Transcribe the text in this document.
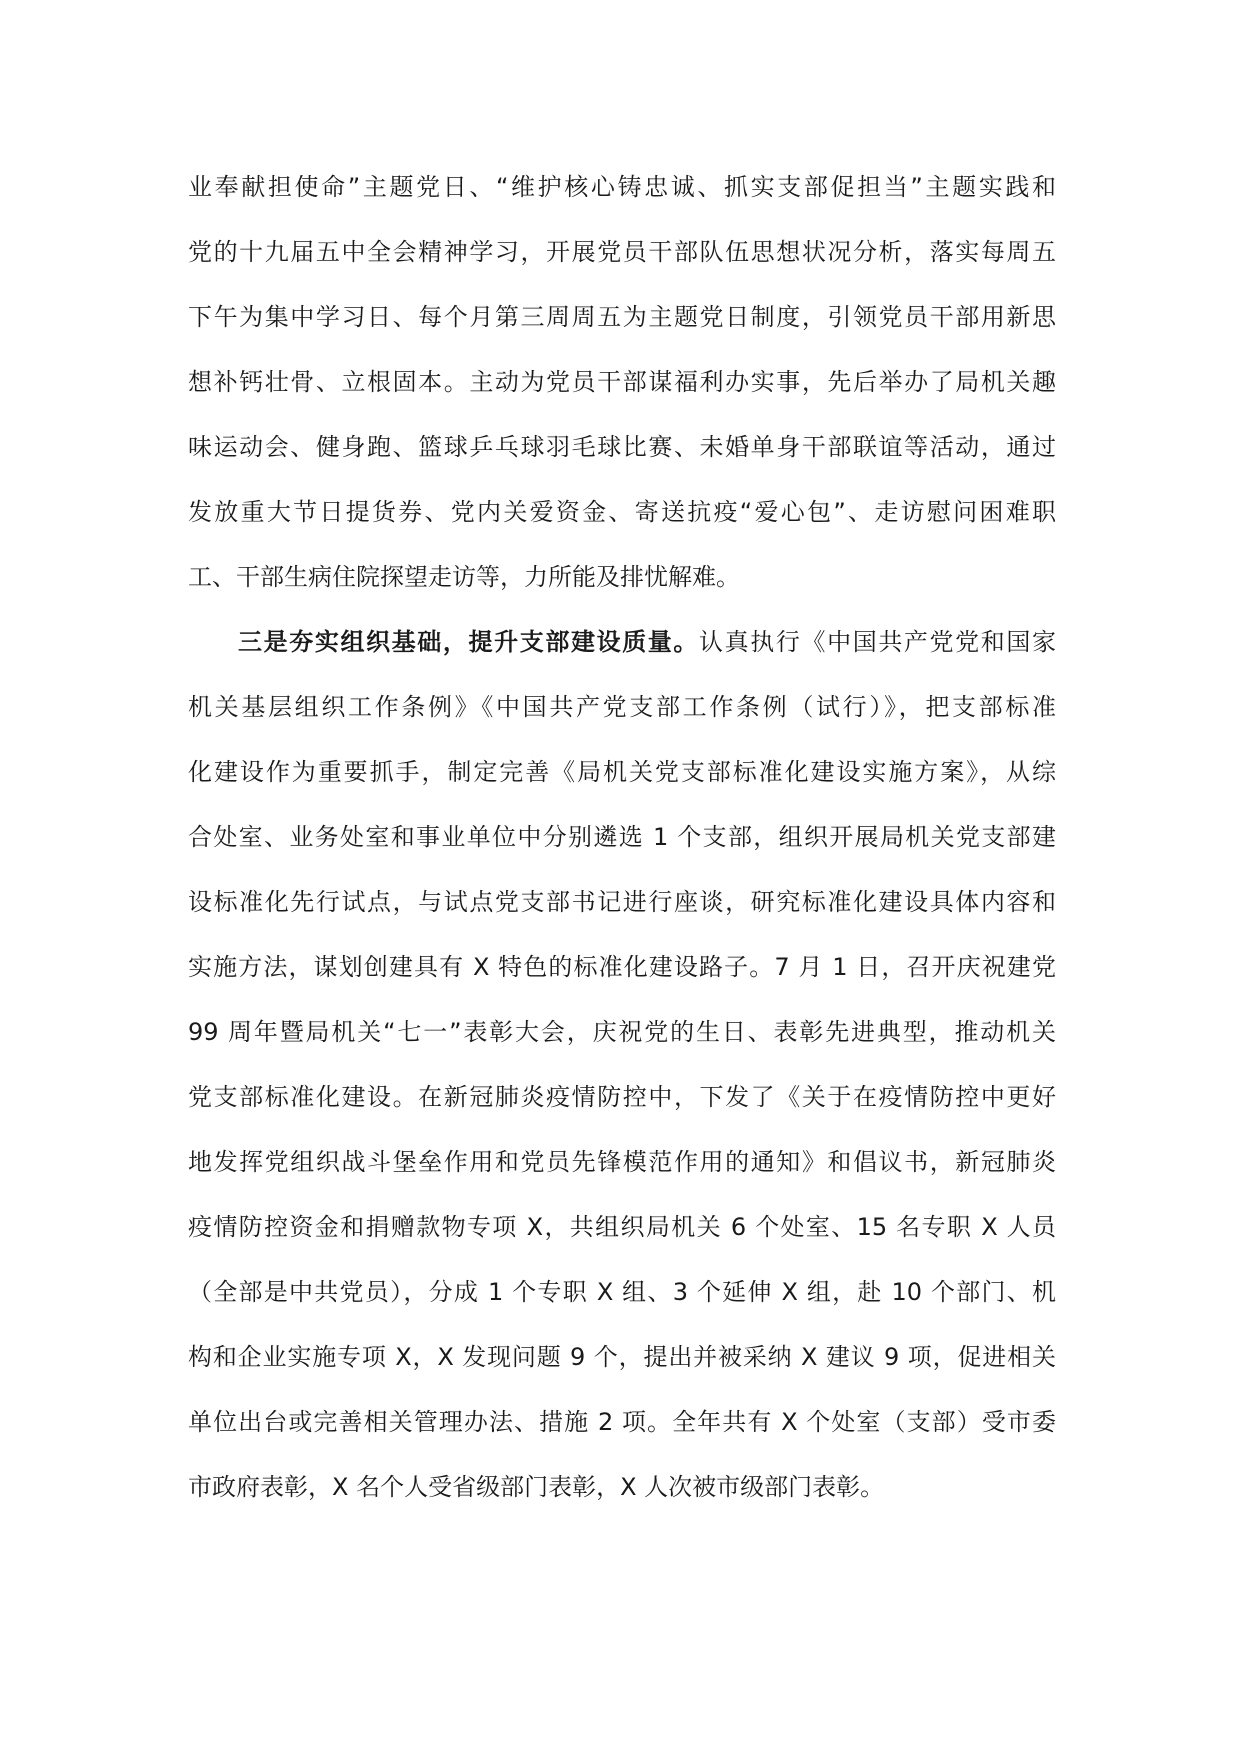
业奉献担使命”主题党日、“维护核心铸忠诚、抓实支部促担当”主题实践和
党的十九届五中全会精神学习，开展党员干部队伍思想状况分析，落实每周五
下午为集中学习日、每个月第三周周五为主题党日制度，引领党员干部用新思
想补钙壮骨、立根固本。主动为党员干部谋福利办实事，先后举办了局机关趣
味运动会、健身跑、篮球乒乓球羽毛球比赛、未婚单身干部联谊等活动，通过
发放重大节日提货券、党内关爱资金、寄送抗疫“爱心包”、走访慰问困难职
工、干部生病住院探望走访等，力所能及排忧解难。
三是夯实组织基础，提升支部建设质量。认真执行《中国共产党党和国家
机关基层组织工作条例》《中国共产党支部工作条例（试行）》，把支部标准
化建设作为重要抓手，制定完善《局机关党支部标准化建设实施方案》，从综
合处室、业务处室和事业单位中分别遴选 1 个支部，组织开展局机关党支部建
设标准化先行试点，与试点党支部书记进行座谈，研究标准化建设具体内容和
实施方法，谋划创建具有 X 特色的标准化建设路子。7 月 1 日，召开庆祝建党
99 周年暨局机关“七一”表彰大会，庆祝党的生日、表彰先进典型，推动机关
党支部标准化建设。在新冠肺炎疫情防控中，下发了《关于在疫情防控中更好
地发挥党组织战斗堡垒作用和党员先锋模范作用的通知》和倡议书，新冠肺炎
疫情防控资金和捐赠款物专项 X，共组织局机关 6 个处室、15 名专职 X 人员
（全部是中共党员），分成 1 个专职 X 组、3 个延伸 X 组，赴 10 个部门、机
构和企业实施专项 X，X 发现问题 9 个，提出并被采纳 X 建议 9 项，促进相关
单位出台或完善相关管理办法、措施 2 项。全年共有 X 个处室（支部）受市委
市政府表彰，X 名个人受省级部门表彰，X 人次被市级部门表彰。
